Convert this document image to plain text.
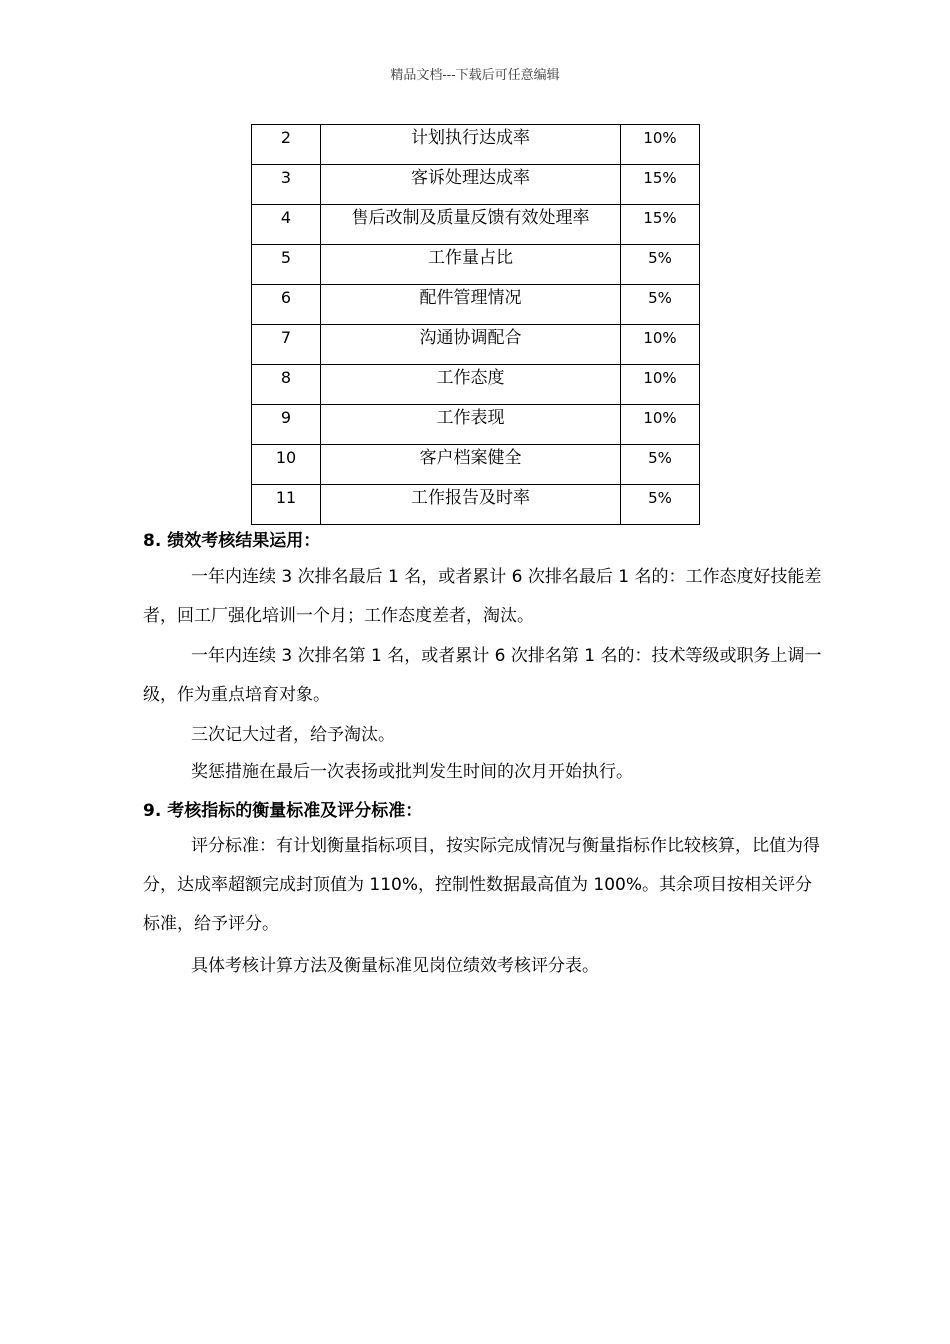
精品文档---下载后可任意编辑
2	计划执行达成率	10%
3	客诉处理达成率	15%
4	售后改制及质量反馈有效处理率	15%
5	工作量占比	5%
6	配件管理情况	5%
7	沟通协调配合	10%
8	工作态度	10%
9	工作表现	10%
10	客户档案健全	5%
11	工作报告及时率	5%
8. 绩效考核结果运用：

一年内连续 3 次排名最后 1 名，或者累计 6 次排名最后 1 名的：工作态度好技能差者，回工厂强化培训一个月；工作态度差者，淘汰。

一年内连续 3 次排名第 1 名，或者累计 6 次排名第 1 名的：技术等级或职务上调一级，作为重点培育对象。

三次记大过者，给予淘汰。

奖惩措施在最后一次表扬或批判发生时间的次月开始执行。

9. 考核指标的衡量标准及评分标准：

评分标准：有计划衡量指标项目，按实际完成情况与衡量指标作比较核算，比值为得分，达成率超额完成封顶值为 110%，控制性数据最高值为 100%。其余项目按相关评分标准，给予评分。

具体考核计算方法及衡量标准见岗位绩效考核评分表。
